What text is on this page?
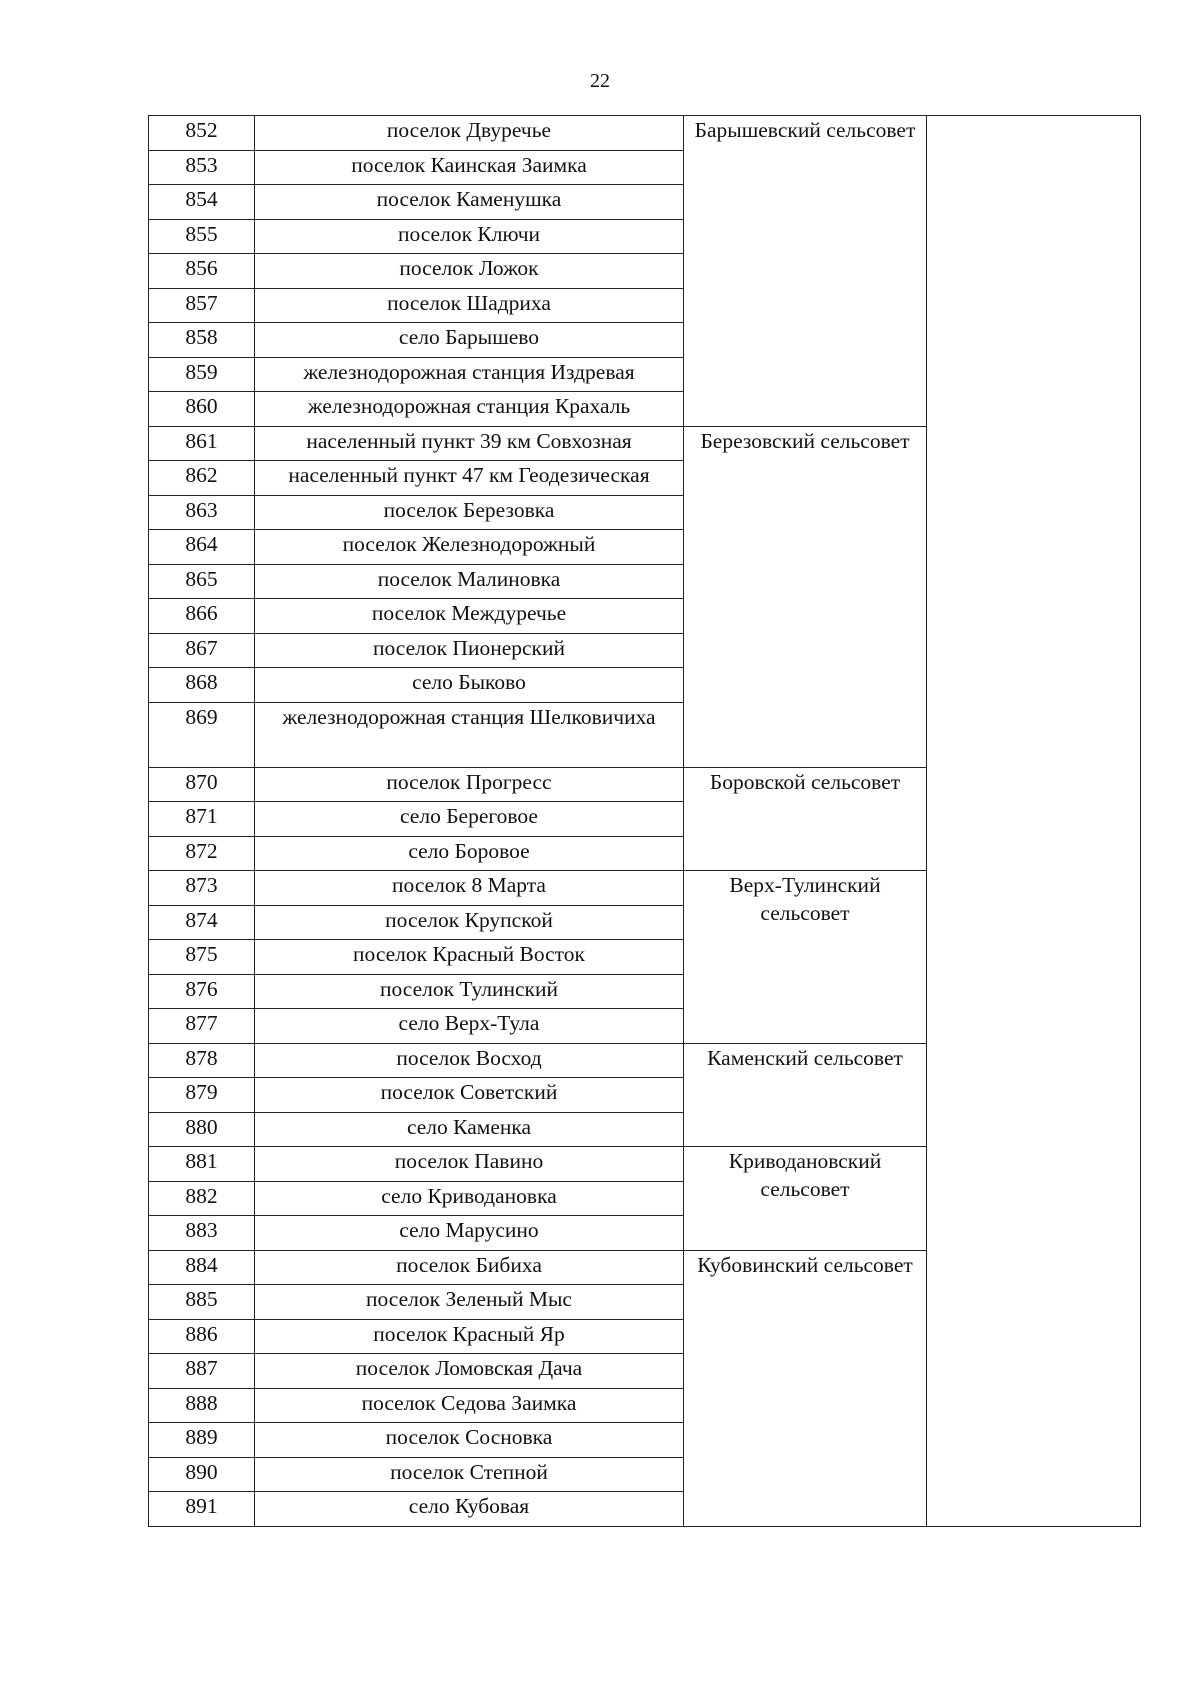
22
852	поселок Двуречье	Барышевский сельсовет	
853	поселок Каинская Заимка		
854	поселок Каменушка		
855	поселок Ключи		
856	поселок Ложок		
857	поселок Шадриха		
858	село Барышево		
859	железнодорожная станция Издревая		
860	железнодорожная станция Крахаль		
861	населенный пункт 39 км Совхозная	Березовский сельсовет	
862	населенный пункт 47 км Геодезическая		
863	поселок Березовка		
864	поселок Железнодорожный		
865	поселок Малиновка		
866	поселок Междуречье		
867	поселок Пионерский		
868	село Быково		
869	железнодорожная станция Шелковичиха		
870	поселок Прогресс	Боровской сельсовет	
871	село Береговое		
872	село Боровое		
873	поселок 8 Марта	Верх-Тулинский сельсовет	
874	поселок Крупской		
875	поселок Красный Восток		
876	поселок Тулинский		
877	село Верх-Тула		
878	поселок Восход	Каменский сельсовет	
879	поселок Советский		
880	село Каменка		
881	поселок Павино	Криводановский сельсовет	
882	село Криводановка		
883	село Марусино		
884	поселок Бибиха	Кубовинский сельсовет	
885	поселок Зеленый Мыс		
886	поселок Красный Яр		
887	поселок Ломовская Дача		
888	поселок Седова Заимка		
889	поселок Сосновка		
890	поселок Степной		
891	село Кубовая		
